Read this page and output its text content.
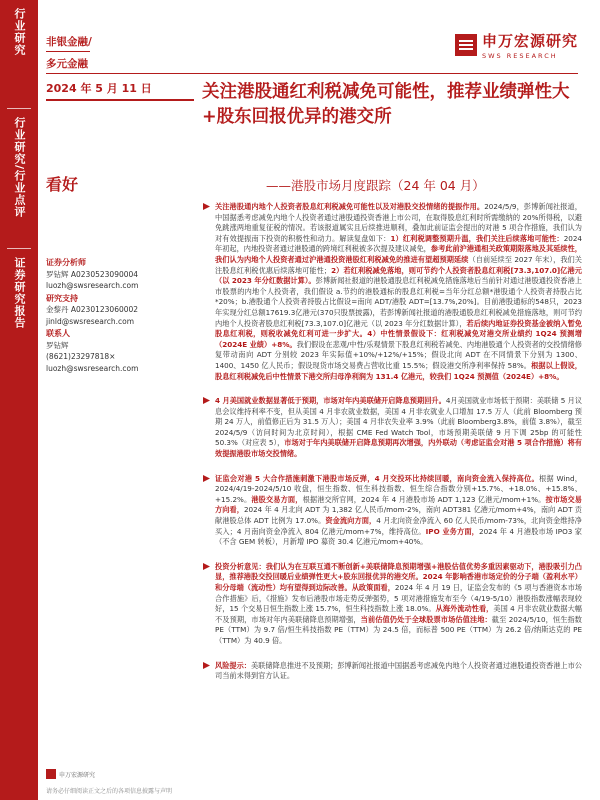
行业研究
行业研究/行业点评
证券研究报告
非银金融/
多元金融
2024 年 5 月 11 日
看好
申万宏源研究
SWS RESEARCH
关注港股通红利税减免可能性，推荐业绩弹性大+股东回报优异的港交所
——港股市场月度跟踪（24 年 04 月）
证券分析师
罗钻辉 A0230523090004
luozh@swsresearch.com
研究支持
金黎丹 A0230123060002
jinld@swsresearch.com
联系人
罗钻辉
(8621)23297818×
luozh@swsresearch.com
关注港股通内地个人投资者股息红利税减免可能性以及对港股交投情绪的提振作用。2024/5/9，彭博新闻社报道，中国据悉考虑减免内地个人投资者通过港股通投资香港上市公司，在取得股息红利时所需缴纳的 20%所得税，以避免跳涨两地重复征税的情况。若该报道属实且后续推进顺利，叠加此前证监会提出的对港 5 项合作措施，我们认为对有效提振南下投资的积极性和动力。解读复盘如下：1）红利税调整预期升温，我们关注后续落地可能性：2024 年初起，内地投资者通过港股通的跨境红利税被多次提及建议减免，参考此前沪港通相关政策期限落地及其延续性，我们认为内地个人投资者通过沪港通投资港股红利税减免的推进有望超预期延续（自前延续至 2027 年末），我们关注股息红利税优惠后续落地可能性；2）若红利税减免落地，则可节约个人投资者股息红利税[73.3,107.0]亿港元（以 2023 年分红数据计算）。彭博新闻社报道的港股通股息红利税减免措施落地后当前针对通过港股通投资香港上市股票的内地个人投资者，我们假设 a.节约的港股通标的股息红利税=当年分红总额*港股通个人投资者持股占比*20%；b.港股通个人投资者持股占比假设=南向 ADT/港股 ADT=[13.7%,20%]。目前港股通标的548只，2023年实现分红总额17619.3亿港元(370只股票披露)，若彭博新闻社报道的港股通股息红利税减免措施落地，则可节约内地个人投资者股息红利税[73.3,107.0]亿港元（以 2023 年分红数据计算），若后续内地证券投资基金被纳入暂免股息红利税，则税收减免红利可进一步扩大。4）中性情景假设下：红利税减免对港交所业绩约 1Q24 预测增（2024E 业绩）+8%。我们假设在悲观/中性/乐观情景下股息红利税若减免、内地港股通个人投资者的交投情绪修复带动南向 ADT 分别较 2023 年实际值+10%/+12%/+15%；假设北向 ADT 在不同情景下分别为 1300、1400、1450 亿人民币；假设现货市场交易费占营收比重 15.5%；假设港交所净利率保持 58%。根据以上假设，股息红利税减免后中性情景下港交所归母净利润为 131.4 亿港元，较我们 1Q24 预测值（2024E）+8%。
4 月美国就业数据显著低于预期，市场对年内美联储开启降息预期回升。4月美国就业市场低于预期：美联储 5 月议息会议维持利率不变，但从美国 4 月非农就业数据，美国 4 月非农就业人口增加 17.5 万人（此前 Bloomberg 预期 24 万人，前值修正后为 31.5 万人）；美国 4 月非农失业率 3.9%（此前 Bloomberg3.8%，前值 3.8%），截至 2024/5/9（访问时间为北京时间），根据 CME Fed Watch Tool，市场预期美联储 9 月下调 25bp 的可能性 50.3%（对应表 5），市场对于年内美联储开启降息预期再次增强，内外联动（考虑证监会对港 5 项合作措施）将有效提振港股市场交投情绪。
证监会对港 5 大合作措施刺激下港股市场反弹，4 月交投环比持续回暖，南向资金流入保持高位。根据 Wind，2024/4/19-2024/5/10 收盘，恒生指数、恒生科技指数、恒生综合指数分别+15.7%、+18.0%、+15.8%、+15.2%。港股交易方面，根据港交所官网，2024 年 4 月港股市场 ADT 1,123 亿港元/mom+1%。按市场交易方向看，2024 年 4 月北向 ADT 为 1,382 亿人民币/mom-2%，南向 ADT381 亿港元/mom+4%，南向 ADT 贡献港股总体 ADT 比例为 17.0%。资金流向方面，4 月北向资金净流入 60 亿人民币/mom-73%，北向资金维持净买入；4 月南向资金净流入 804 亿港元/mom+7%，维持高位。IPO 业务方面，2024 年 4 月港股市场 IPO3 家（不含 GEM 转板），月新增 IPO 募资 30.4 亿港元/mom+40%。
投资分析意见：我们认为在互联互通不断创新+美联储降息预期增强+港股估值优势多重因素驱动下，港股吸引力凸显，推荐港股交投回暖后业绩弹性更大+股东回报优异的港交所。2024 年影响香港市场定价的分子端（盈利水平）和分母端（流动性）均有望得到边际改善。从政策面看，2024 年 4 月 19 日，证监会发布的《5 项与香港资本市场合作措施》后，《措施》发布后港股市场走势反弹强势，5 项对港措施发布至今（4/19-5/10）港股指数涨幅表现较好，15 个交易日恒生指数上涨 15.7%，恒生科技指数上涨 18.0%。从海外流动性看，美国 4 月非农就业数据大幅不及预期，市场对年内美联储降息预期增强，当前估值仍处于全球股票市场估值洼地：截至 2024/5/10，恒生指数 PE（TTM）为 9.7 倍/恒生科技指数 PE（TTM）为 24.5 倍，而标普 500 PE（TTM）为 26.2 倍/纳斯达克的 PE（TTM）为 40.9 倍。
风险提示：美联储降息推进不及预期；彭博新闻社报道中国据悉考虑减免内地个人投资者通过港股通投资香港上市公司当前未得到官方认证。
申万宏源研究
请务必仔细阅读正文之后的各项信息披露与声明
